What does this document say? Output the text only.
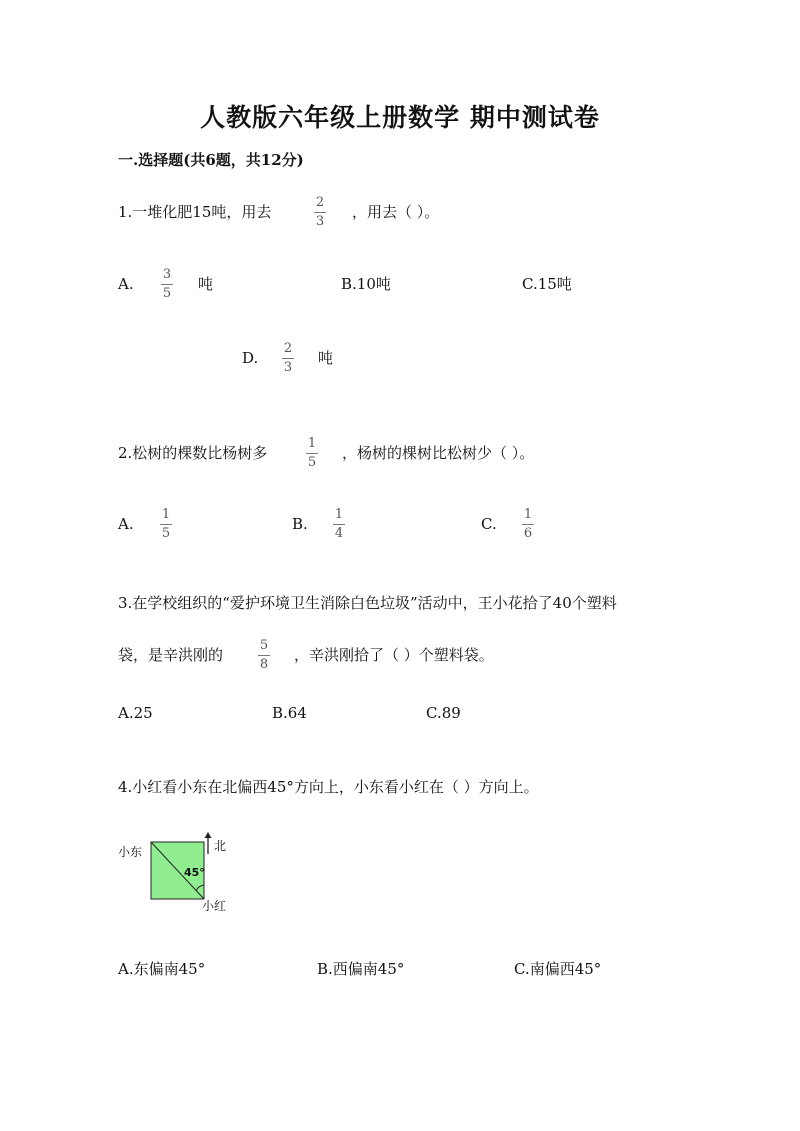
人教版六年级上册数学 期中测试卷
一.选择题(共6题，共12分)
1.一堆化肥15吨，用去
2
3
，用去（ ）。
A.
3
5
吨	B.10吨	C.15吨
D.
2
3
吨
2.松树的棵数比杨树多
1
5
，杨树的棵树比松树少（ ）。
A.
1
5
B.
1
4
C.
1
6
3.在学校组织的“爱护环境卫生消除白色垃圾”活动中，王小花拾了40个塑料
袋，是辛洪刚的
5
8
，辛洪刚拾了（ ）个塑料袋。
A.25	B.64	C.89
4.小红看小东在北偏西45°方向上，小东看小红在（ ）方向上。
小东	北
45°
小红
A.东偏南45°	B.西偏南45°	C.南偏西45°
